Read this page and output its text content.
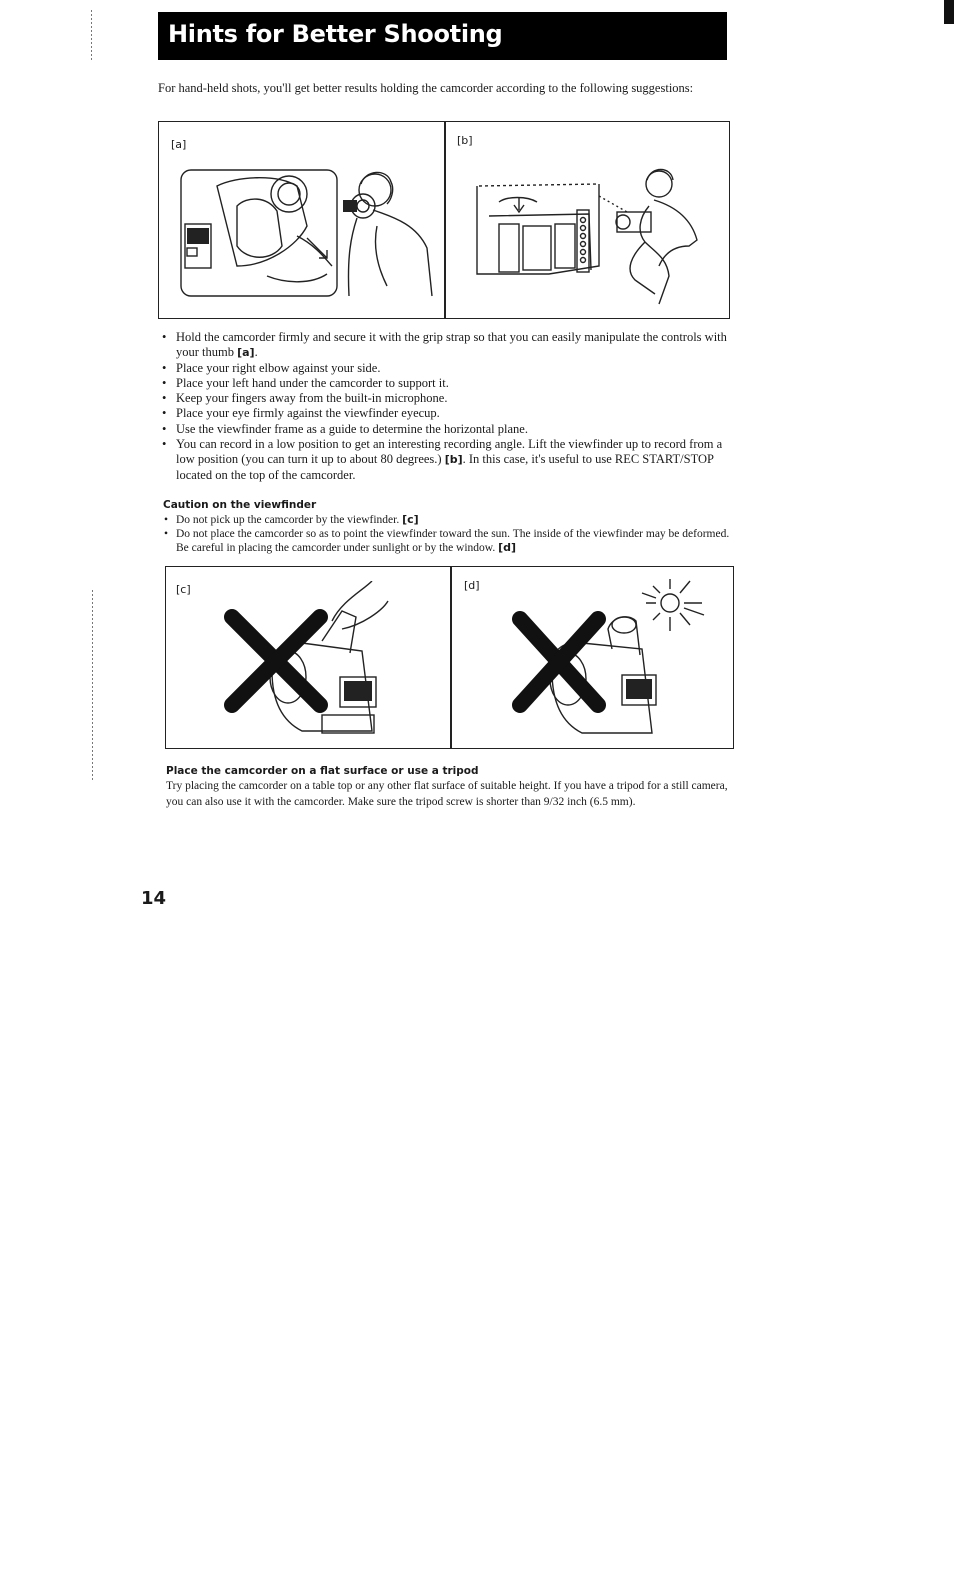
Hints for Better Shooting
For hand-held shots, you'll get better results holding the camcorder according to the following suggestions:
[a]	[b]
• Hold the camcorder firmly and secure it with the grip strap so that you can easily manipulate the controls with your thumb [a].
• Place your right elbow against your side.
• Place your left hand under the camcorder to support it.
• Keep your fingers away from the built-in microphone.
• Place your eye firmly against the viewfinder eyecup.
• Use the viewfinder frame as a guide to determine the horizontal plane.
• You can record in a low position to get an interesting recording angle. Lift the viewfinder up to record from a low position (you can turn it up to about 80 degrees.) [b]. In this case, it's useful to use REC START/STOP located on the top of the camcorder.
Caution on the viewfinder
• Do not pick up the camcorder by the viewfinder. [c]
• Do not place the camcorder so as to point the viewfinder toward the sun. The inside of the viewfinder may be deformed. Be careful in placing the camcorder under sunlight or by the window. [d]
[c]	[d]
Place the camcorder on a flat surface or use a tripod
Try placing the camcorder on a table top or any other flat surface of suitable height. If you have a tripod for a still camera, you can also use it with the camcorder. Make sure the tripod screw is shorter than 9/32 inch (6.5 mm).
14
